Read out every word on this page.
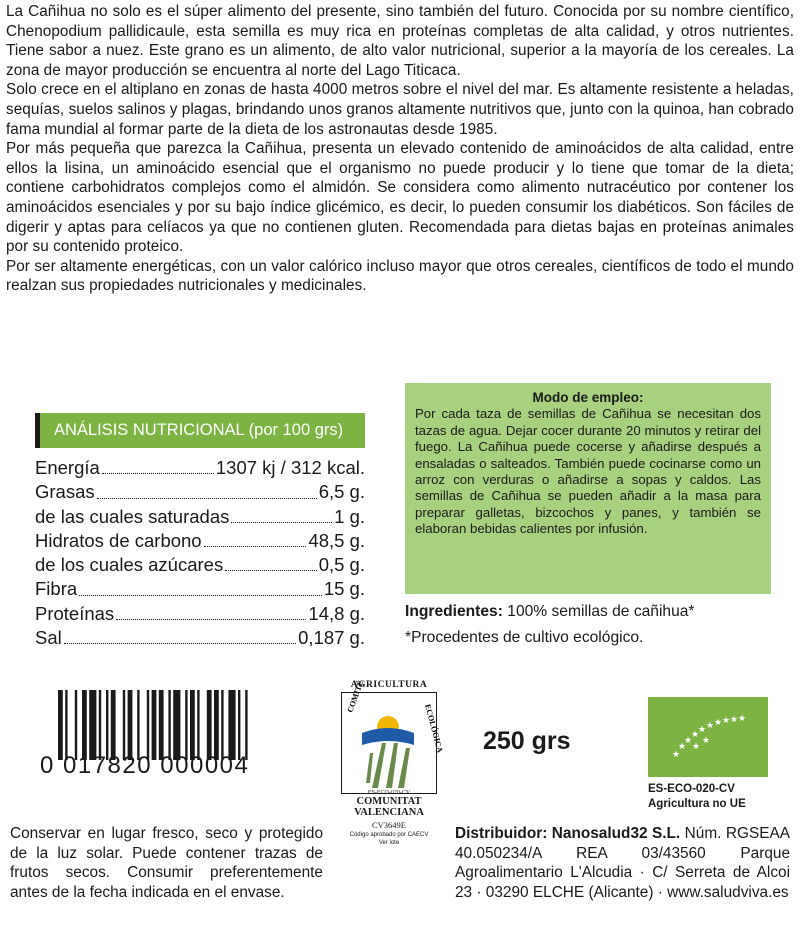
La Cañihua no solo es el súper alimento del presente, sino también del futuro. Conocida por su nombre científico, Chenopodium pallidicaule, esta semilla es muy rica en proteínas completas de alta calidad, y otros nutrientes. Tiene sabor a nuez. Este grano es un alimento, de alto valor nutricional, superior a la mayoría de los cereales. La zona de mayor producción se encuentra al norte del Lago Titicaca.

Solo crece en el altiplano en zonas de hasta 4000 metros sobre el nivel del mar. Es altamente resistente a heladas, sequías, suelos salinos y plagas, brindando unos granos altamente nutritivos que, junto con la quinoa, han cobrado fama mundial al formar parte de la dieta de los astronautas desde 1985.

Por más pequeña que parezca la Cañihua, presenta un elevado contenido de aminoácidos de alta calidad, entre ellos la lisina, un aminoácido esencial que el organismo no puede producir y lo tiene que tomar de la dieta; contiene carbohidratos complejos como el almidón. Se considera como alimento nutracéutico por contener los aminoácidos esenciales y por su bajo índice glicémico, es decir, lo pueden consumir los diabéticos. Son fáciles de digerir y aptas para celíacos ya que no contienen gluten. Recomendada para dietas bajas en proteínas animales por su contenido proteico.

Por ser altamente energéticas, con un valor calórico incluso mayor que otros cereales, científicos de todo el mundo realzan sus propiedades nutricionales y medicinales.

ANÁLISIS NUTRICIONAL (por 100 grs)
Energía	1307 kj / 312 kcal.
Grasas	6,5 g.
de las cuales saturadas	1 g.
Hidratos de carbono	48,5 g.
de los cuales azúcares	0,5 g.
Fibra	15 g.
Proteínas	14,8 g.
Sal	0,187 g.
Modo de empleo:
Por cada taza de semillas de Cañihua se necesitan dos tazas de agua. Dejar cocer durante 20 minutos y retirar del fuego. La Cañihua puede cocerse y añadirse después a ensaladas o salteados. También puede cocinarse como un arroz con verduras o añadirse a sopas y caldos. Las semillas de Cañihua se pueden añadir a la masa para preparar galletas, bizcochos y panes, y también se elaboran bebidas calientes por infusión.
Ingredientes: 100% semillas de cañihua*
*Procedentes de cultivo ecológico.
0 017820 000004
AGRICULTURA
COMITÉ
ECOLÓGICA
ES-ECO-020-CV
COMUNITAT VALENCIANA
CV3649E
Código aprobado por CAECV
Ver lote
250 grs	★
★
★
★
★ ★ ★ ★ ★ ★
★
★
ES-ECO-020-CV
Agricultura no UE
Conservar en lugar fresco, seco y protegido de la luz solar. Puede contener trazas de frutos secos. Consumir preferentemente antes de la fecha indicada en el envase.
Distribuidor: Nanosalud32 S.L. Núm. RGSEAA 40.050234/A REA 03/43560 Parque Agroalimentario L'Alcudia · C/ Serreta de Alcoi 23 · 03290 ELCHE (Alicante) · www.saludviva.es
